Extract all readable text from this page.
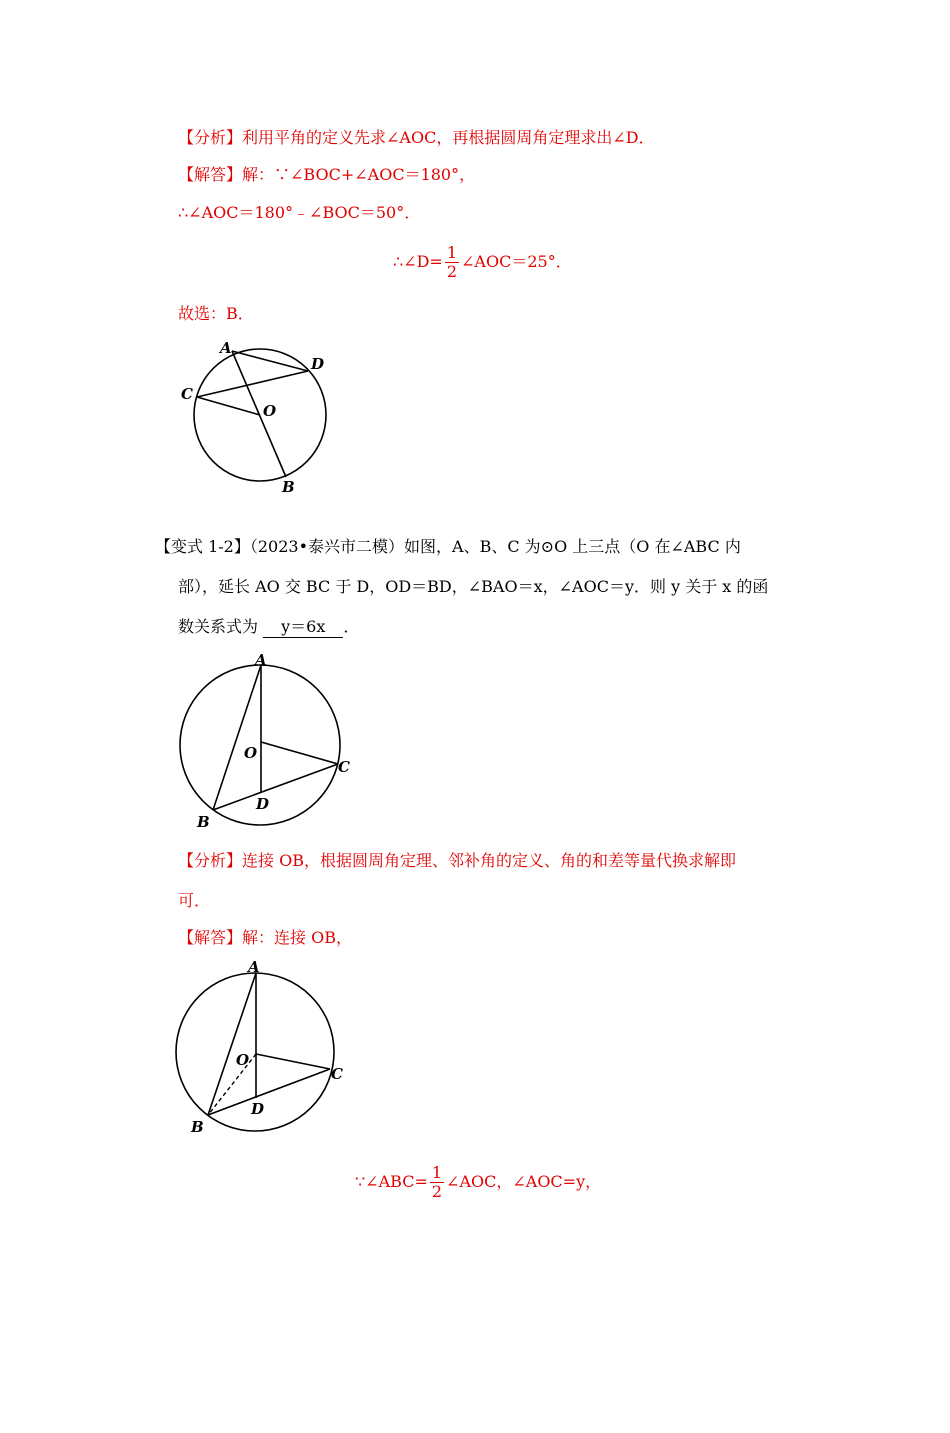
【分析】利用平角的定义先求∠AOC，再根据圆周角定理求出∠D．
【解答】解：∵∠BOC+∠AOC＝180°，
∴∠AOC＝180°﹣∠BOC＝50°．
∴∠D= $\frac{1}{2}$ ∠AOC＝25°．
故选：B．
A
D
C
O
B
【变式 1-2】（2023•泰兴市二模）如图，A、B、C 为⊙O 上三点（O 在∠ABC 内
部），延长 AO 交 BC 于 D，OD＝BD，∠BAO＝x，∠AOC＝y．则 y 关于 x 的函
数关系式为 y＝6x ．
A
O
C
D
B
【分析】连接 OB，根据圆周角定理、邻补角的定义、角的和差等量代换求解即
可．
【解答】解：连接 OB，
A
O
C
D
B
∵∠ABC= $\frac{1}{2}$ ∠AOC，∠AOC=y，
